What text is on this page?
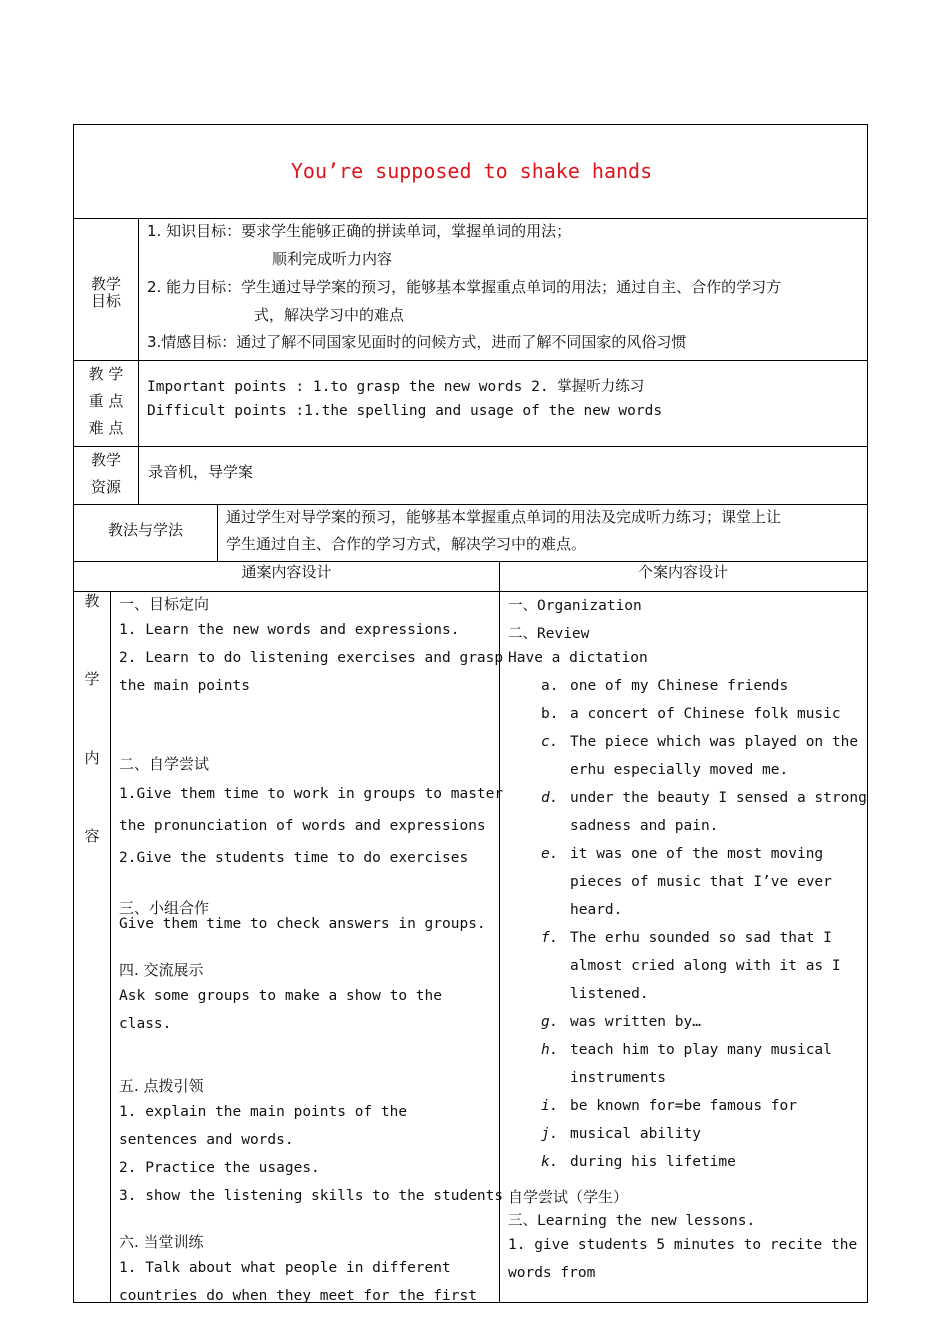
You’re supposed to shake hands
教学
目标
1. 知识目标：要求学生能够正确的拼读单词，掌握单词的用法；
顺利完成听力内容
2. 能力目标：学生通过导学案的预习，能够基本掌握重点单词的用法；通过自主、合作的学习方
式，解决学习中的难点
3.情感目标：通过了解不同国家见面时的问候方式，进而了解不同国家的风俗习惯
教 学
重 点
难 点
Important points : 1.to grasp the new words 2. 掌握听力练习
Difficult points :1.the spelling and usage of the new words
教学
资源
录音机，导学案
教法与学法
通过学生对导学案的预习，能够基本掌握重点单词的用法及完成听力练习；课堂上让
学生通过自主、合作的学习方式，解决学习中的难点。
通案内容设计	个案内容设计
教
学
内
容
一、目标定向
1. Learn the new words and expressions.
2. Learn to do listening exercises and grasp
the main points
二、自学尝试
1.Give them time to work in groups to master
the pronunciation of words and expressions
2.Give the students time to do exercises
三、小组合作
Give them time to check answers in groups.
四. 交流展示
Ask some groups to make a show to the
class.
五. 点拨引领
1. explain the main points of the
sentences and words.
2. Practice the usages.
3. show the listening skills to the students
六. 当堂训练
1. Talk about what people in different
countries do when they meet for the first
一、Organization
二、Review
Have a dictation
a. one of my Chinese friends
b. a concert of Chinese folk music
c. The piece which was played on the
erhu especially moved me.
d. under the beauty I sensed a strong
sadness and pain.
e. it was one of the most moving
pieces of music that I’ve ever
heard.
f. The erhu sounded so sad that I
almost cried along with it as I
listened.
g. was written by…
h. teach him to play many musical
instruments
i. be known for=be famous for
j. musical ability
k. during his lifetime
自学尝试（学生）
三、Learning the new lessons.
1. give students 5 minutes to recite the
words from
